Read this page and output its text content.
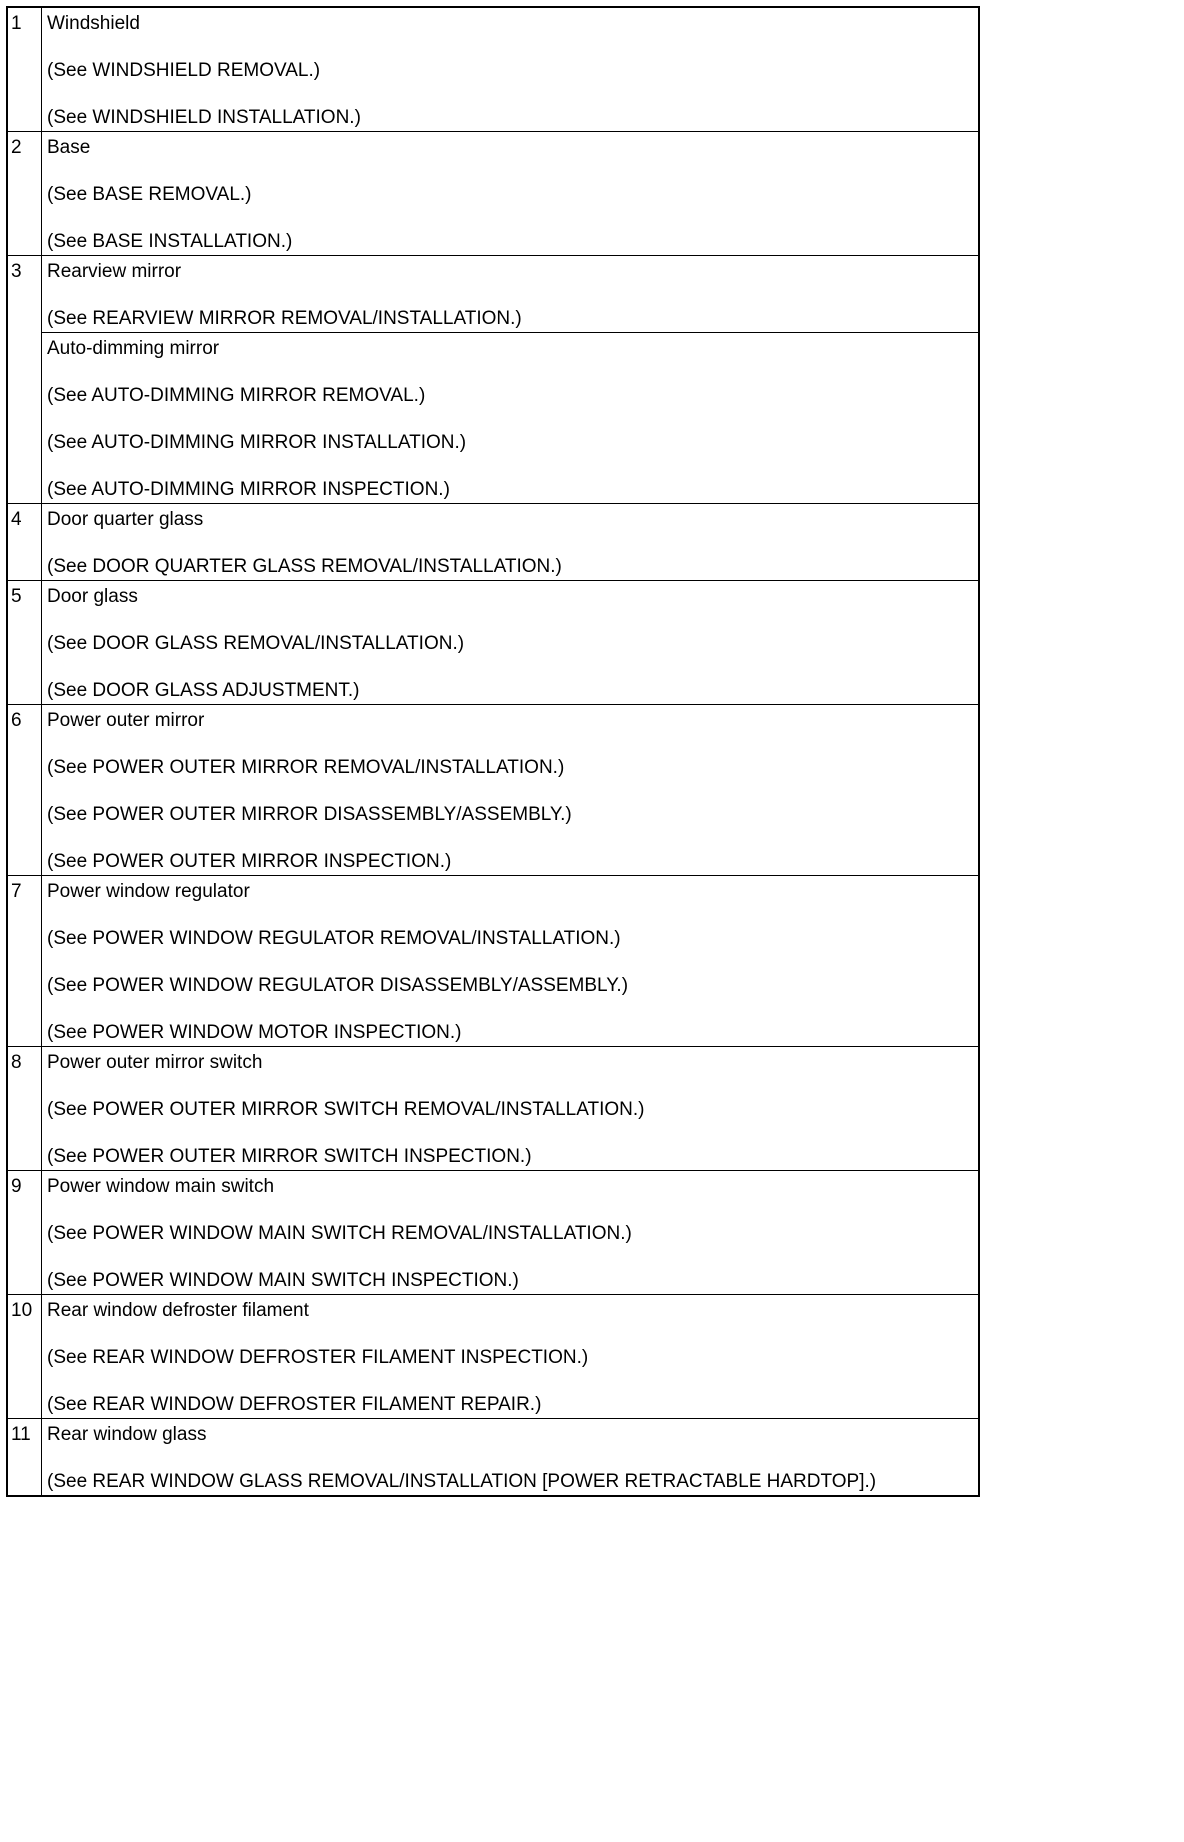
1	Windshield
(See WINDSHIELD REMOVAL.)
(See WINDSHIELD INSTALLATION.)

2	Base
(See BASE REMOVAL.)
(See BASE INSTALLATION.)

3	Rearview mirror
(See REARVIEW MIRROR REMOVAL/INSTALLATION.)

	Auto-dimming mirror
(See AUTO-DIMMING MIRROR REMOVAL.)
(See AUTO-DIMMING MIRROR INSTALLATION.)
(See AUTO-DIMMING MIRROR INSPECTION.)

4	Door quarter glass
(See DOOR QUARTER GLASS REMOVAL/INSTALLATION.)

5	Door glass
(See DOOR GLASS REMOVAL/INSTALLATION.)
(See DOOR GLASS ADJUSTMENT.)

6	Power outer mirror
(See POWER OUTER MIRROR REMOVAL/INSTALLATION.)
(See POWER OUTER MIRROR DISASSEMBLY/ASSEMBLY.)
(See POWER OUTER MIRROR INSPECTION.)

7	Power window regulator
(See POWER WINDOW REGULATOR REMOVAL/INSTALLATION.)
(See POWER WINDOW REGULATOR DISASSEMBLY/ASSEMBLY.)
(See POWER WINDOW MOTOR INSPECTION.)

8	Power outer mirror switch
(See POWER OUTER MIRROR SWITCH REMOVAL/INSTALLATION.)
(See POWER OUTER MIRROR SWITCH INSPECTION.)

9	Power window main switch
(See POWER WINDOW MAIN SWITCH REMOVAL/INSTALLATION.)
(See POWER WINDOW MAIN SWITCH INSPECTION.)

10	Rear window defroster filament
(See REAR WINDOW DEFROSTER FILAMENT INSPECTION.)
(See REAR WINDOW DEFROSTER FILAMENT REPAIR.)

11	Rear window glass
(See REAR WINDOW GLASS REMOVAL/INSTALLATION [POWER RETRACTABLE HARDTOP].)
